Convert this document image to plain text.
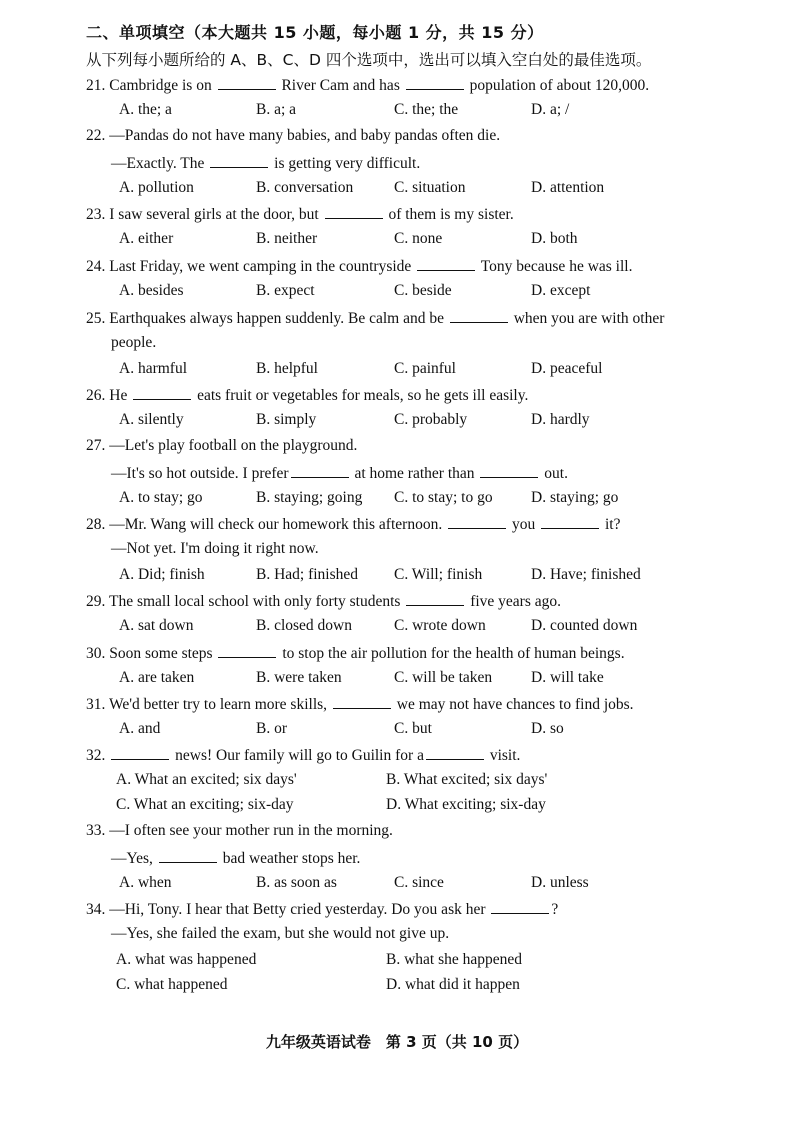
二、单项填空（本大题共 15 小题，每小题 1 分，共 15 分）
从下列每小题所给的 A、B、C、D 四个选项中，选出可以填入空白处的最佳选项。
21. Cambridge is on	River Cam and has	population of about 120,000.
A. the; a	B. a; a	C. the; the	D. a; /
22. —Pandas do not have many babies, and baby pandas often die.
—Exactly. The	is getting very difficult.
A. pollution	B. conversation	C. situation	D. attention
23. I saw several girls at the door, but	of them is my sister.
A. either	B. neither	C. none	D. both
24. Last Friday, we went camping in the countryside	Tony because he was ill.
A. besides	B. expect	C. beside	D. except
25. Earthquakes always happen suddenly. Be calm and be	when you are with other
people.
A. harmful	B. helpful	C. painful	D. peaceful
26. He	eats fruit or vegetables for meals, so he gets ill easily.
A. silently	B. simply	C. probably	D. hardly
27. —Let's play football on the playground.
—It's so hot outside. I prefer	at home rather than	out.
A. to stay; go	B. staying; going C. to stay; to go D. staying; go
28. —Mr. Wang will check our homework this afternoon.	you	it?
—Not yet. I'm doing it right now.
A. Did; finish	B. Had; finished C. Will; finish	D. Have; finished
29. The small local school with only forty students	five years ago.
A. sat down	B. closed down	C. wrote down	D. counted down
30. Soon some steps	to stop the air pollution for the health of human beings.
A. are taken	B. were taken	C. will be taken	D. will take
31. We'd better try to learn more skills,	we may not have chances to find jobs.
A. and	B. or	C. but	D. so
32.	news! Our family will go to Guilin for a	visit.
A. What an excited; six days'	B. What excited; six days'
C. What an exciting; six-day	D. What exciting; six-day
33. —I often see your mother run in the morning.
—Yes,	bad weather stops her.
A. when	B. as soon as	C. since	D. unless
34. —Hi, Tony. I hear that Betty cried yesterday. Do you ask her	?
—Yes, she failed the exam, but she would not give up.
A. what was happened	B. what she happened
C. what happened	D. what did it happen
九年级英语试卷　第 3 页（共 10 页）
